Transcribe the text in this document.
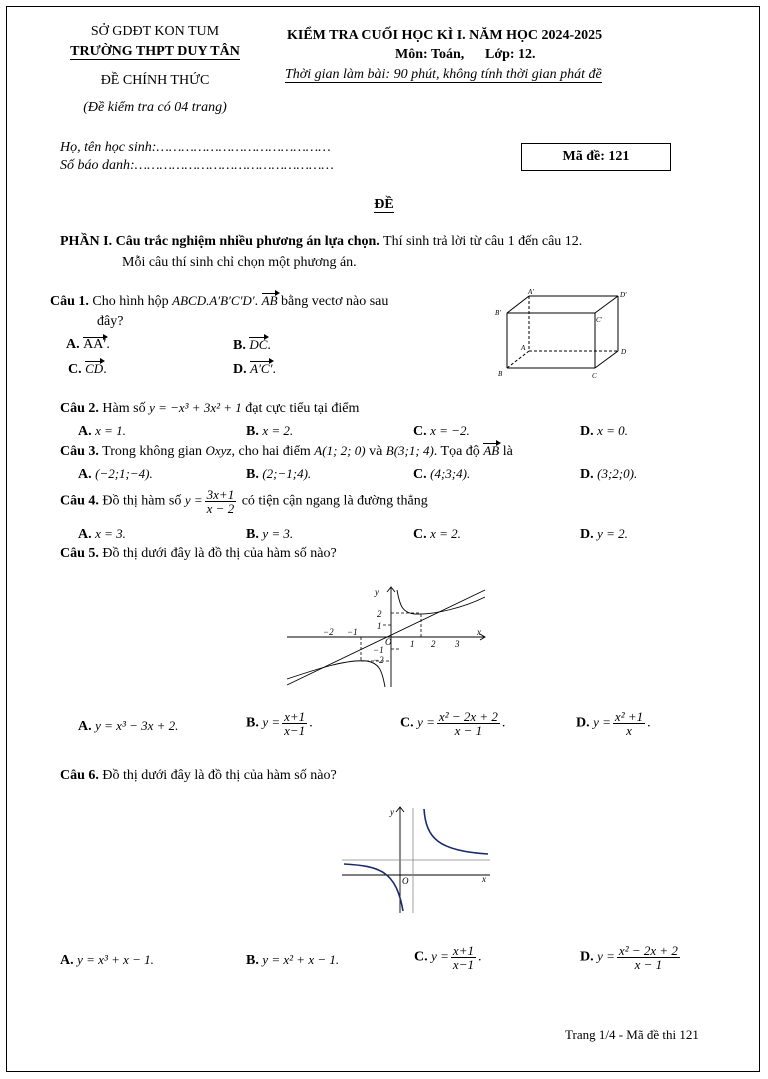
SỞ GDĐT KON TUM
TRƯỜNG THPT DUY TÂN
ĐỀ CHÍNH THỨC
(Đề kiểm tra có 04 trang)
KIỂM TRA CUỐI HỌC KÌ I. NĂM HỌC 2024-2025
Môn: Toán, Lớp: 12.
Thời gian làm bài: 90 phút, không tính thời gian phát đề
Họ, tên học sinh:……………………………………
Số báo danh:…………………………………………
Mã đề: 121
ĐỀ
PHẦN I. Câu trắc nghiệm nhiều phương án lựa chọn. Thí sinh trả lời từ câu 1 đến câu 12.
Mỗi câu thí sinh chỉ chọn một phương án.
Câu 1. Cho hình hộp ABCD.A′B′C′D′. AB bằng vectơ nào sau
đây?
A. AA′.	B. DC.
C. CD.	D. A′C′.
A′	D′
B′
C′
A	D
B	C
Câu 2. Hàm số y = −x³ + 3x² + 1 đạt cực tiểu tại điểm
A. x = 1.	B. x = 2.	C. x = −2.	D. x = 0.
Câu 3. Trong không gian Oxyz, cho hai điểm A(1; 2; 0) và B(3;1; 4). Tọa độ AB là
A. (−2;1;−4).	B. (2;−1;4).	C. (4;3;4).	D. (3;2;0).
Câu 4. Đồ thị hàm số $y = \frac{3x+1}{x - 2}$ có tiện cận ngang là đường thẳng
A. x = 3.	B. y = 3.	C. x = 2.	D. y = 2.
Câu 5. Đồ thị dưới đây là đồ thị của hàm số nào?
y
x
O
−2 −1
1 2 3
2
1
−1
−2
A. y = x³ − 3x + 2.	B. $y = \frac{x+1}{x-1}$ .	C. $y = \frac{\text{x² − 2x + 2}}{x - 1}$ .	D. $y = \frac{\text{x² +1}}{x}$ .
Câu 6. Đồ thị dưới đây là đồ thị của hàm số nào?
y
x
O
A. y = x³ + x − 1.	B. y = x² + x − 1.	C. $y = \frac{x+1}{x-1}$ .	D. $y = \frac{\text{x² − 2x + 2}}{x - 1}$
Trang 1/4 - Mã đề thi 121
